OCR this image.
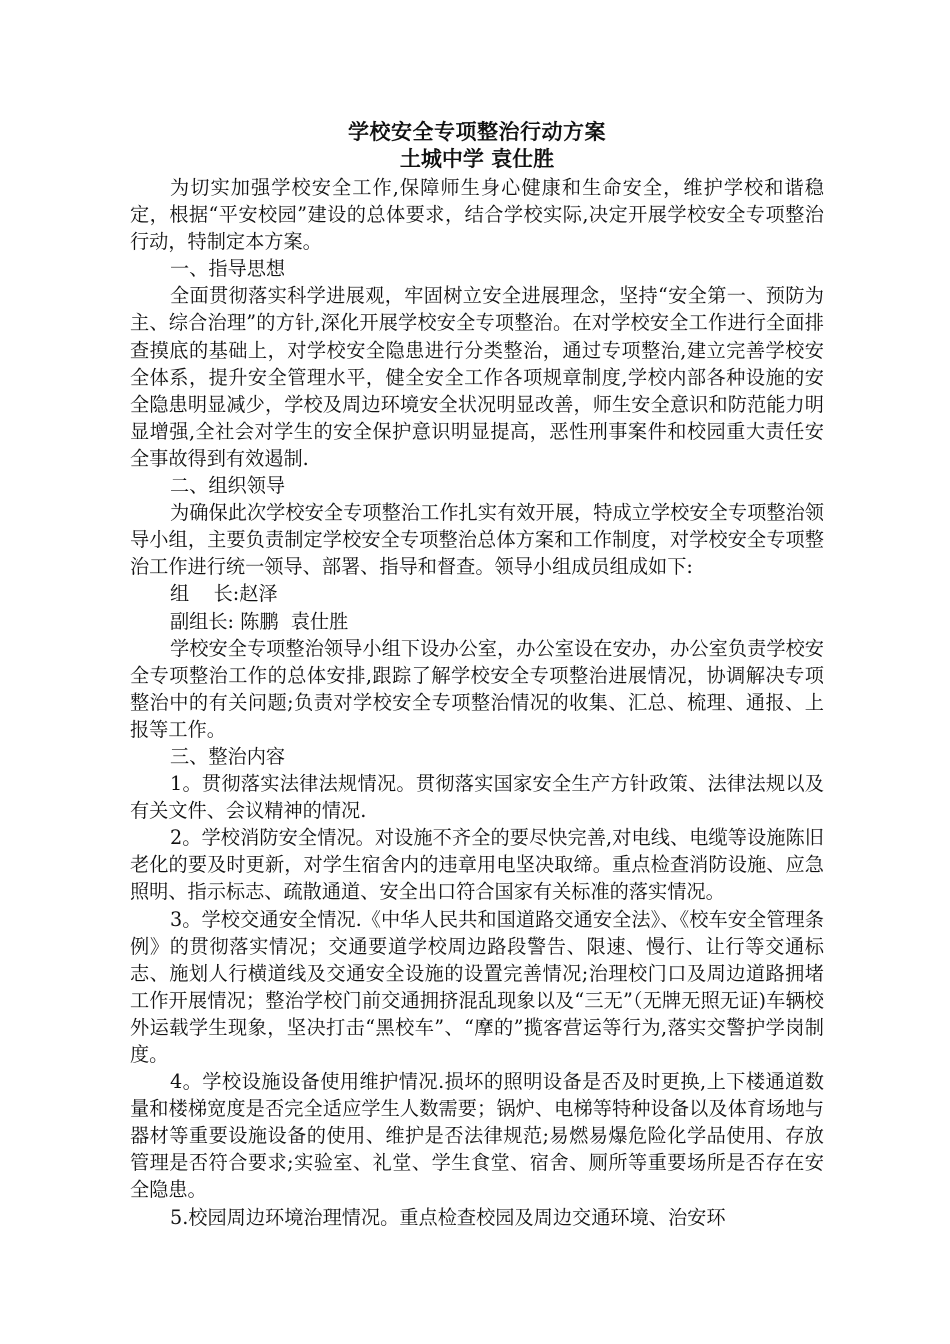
学校安全专项整治行动方案

土城中学 袁仕胜

为切实加强学校安全工作,保障师生身心健康和生命安全，维护学校和谐稳定，根据“平安校园”建设的总体要求，结合学校实际,决定开展学校安全专项整治行动，特制定本方案。

一、指导思想

全面贯彻落实科学进展观，牢固树立安全进展理念，坚持“安全第一、预防为主、综合治理”的方针,深化开展学校安全专项整治。在对学校安全工作进行全面排查摸底的基础上，对学校安全隐患进行分类整治，通过专项整治,建立完善学校安全体系，提升安全管理水平，健全安全工作各项规章制度,学校内部各种设施的安全隐患明显减少，学校及周边环境安全状况明显改善，师生安全意识和防范能力明显增强,全社会对学生的安全保护意识明显提高，恶性刑事案件和校园重大责任安全事故得到有效遏制.

二、组织领导

为确保此次学校安全专项整治工作扎实有效开展，特成立学校安全专项整治领导小组，主要负责制定学校安全专项整治总体方案和工作制度，对学校安全专项整治工作进行统一领导、部署、指导和督查。领导小组成员组成如下:

组    长:赵泽

副组长: 陈鹏  袁仕胜

学校安全专项整治领导小组下设办公室，办公室设在安办，办公室负责学校安全专项整治工作的总体安排,跟踪了解学校安全专项整治进展情况，协调解决专项整治中的有关问题;负责对学校安全专项整治情况的收集、汇总、梳理、通报、上报等工作。

三、整治内容

1。贯彻落实法律法规情况。贯彻落实国家安全生产方针政策、法律法规以及有关文件、会议精神的情况.

2。学校消防安全情况。对设施不齐全的要尽快完善,对电线、电缆等设施陈旧老化的要及时更新，对学生宿舍内的违章用电坚决取缔。重点检查消防设施、应急照明、指示标志、疏散通道、安全出口符合国家有关标准的落实情况。

3。学校交通安全情况.《中华人民共和国道路交通安全法》、《校车安全管理条例》的贯彻落实情况；交通要道学校周边路段警告、限速、慢行、让行等交通标志、施划人行横道线及交通安全设施的设置完善情况;治理校门口及周边道路拥堵工作开展情况；整治学校门前交通拥挤混乱现象以及“三无”（无牌无照无证)车辆校外运载学生现象，坚决打击“黑校车”、“摩的”揽客营运等行为,落实交警护学岗制度。

4。学校设施设备使用维护情况.损坏的照明设备是否及时更换,上下楼通道数量和楼梯宽度是否完全适应学生人数需要；锅炉、电梯等特种设备以及体育场地与器材等重要设施设备的使用、维护是否法律规范;易燃易爆危险化学品使用、存放管理是否符合要求;实验室、礼堂、学生食堂、宿舍、厕所等重要场所是否存在安全隐患。

5.校园周边环境治理情况。重点检查校园及周边交通环境、治安环
